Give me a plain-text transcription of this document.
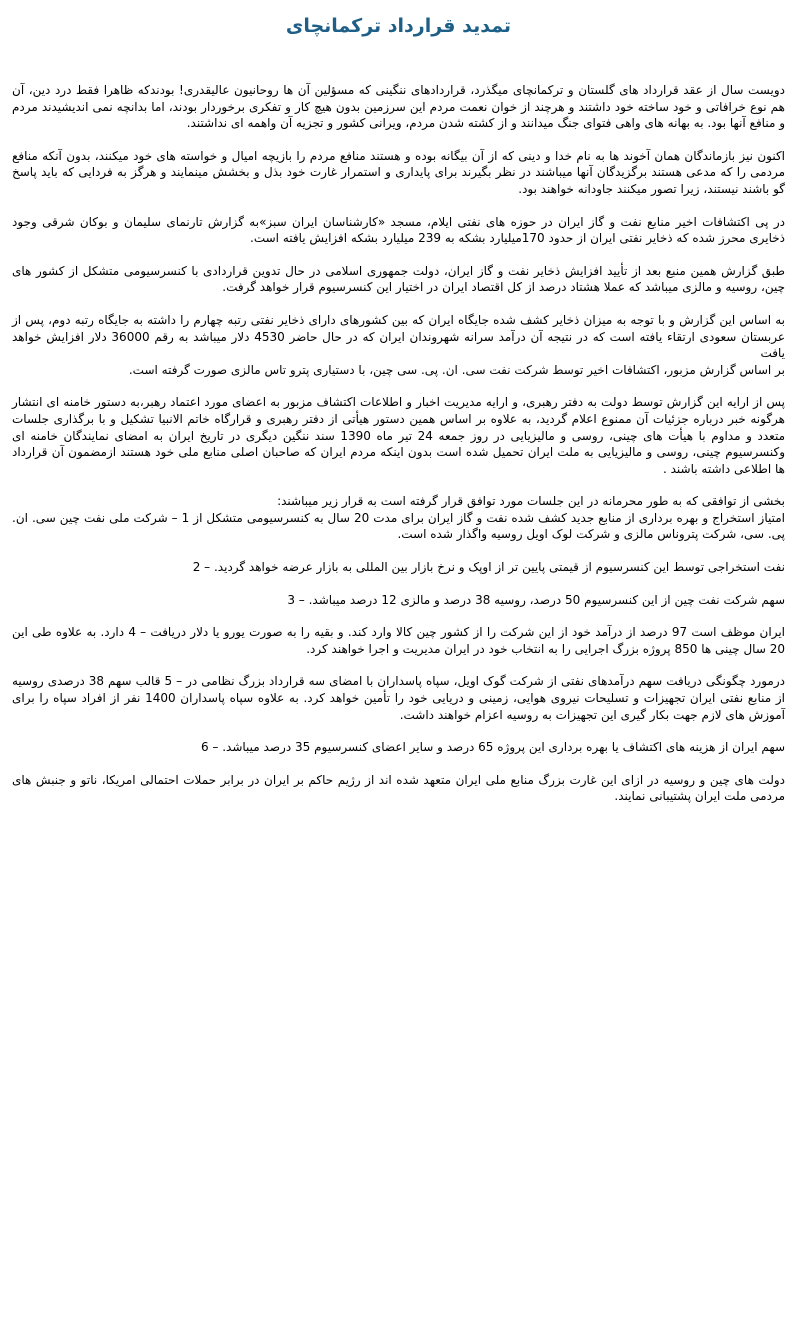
تمدید قرارداد ترکمانچای

دویست سال از عقد قرارداد های گلستان و ترکمانچای میگذرد، قراردادهای ننگینی که مسؤلین آن ها روحانیون عالیقدری! بودندکه ظاهرا فقط درد دین، آن هم نوع خرافاتی و خود ساخته خود داشتند و هرچند از خوان نعمت مردم این سرزمین بدون هیچ کار و تفکری برخوردار بودند، اما بدانچه نمی اندیشیدند مردم و منافع آنها بود. به بهانه های واهی فتوای جنگ میدانند و از کشته شدن مردم، ویرانی کشور و تجزیه آن واهمه ای نداشتند.

اکنون نیز بازماندگان همان آخوند ها به نام خدا و دینی که از آن بیگانه بوده و هستند منافع مردم را بازیچه امیال و خواسته های خود میکنند، بدون آنکه منافع مردمی را که مدعی هستند برگزیدگان آنها میباشند در نظر بگیرند برای پایداری و استمرار غارت خود بذل و بخشش مینمایند و هرگز به فردایی که باید پاسخ گو باشند نیستند، زیرا تصور میکنند جاودانه خواهند بود.

در پی اکتشافات اخیر منابع نفت و گاز ایران در حوزه های نفتی ایلام، مسجد «کارشناسان ایران سبز»به گزارش تارنمای سلیمان و بوکان شرقی وجود ذخایری محرز شده که ذخایر نفتی ایران از حدود 170میلیارد بشکه به 239 میلیارد بشکه افزایش یافته است.

طبق گزارش همین منبع بعد از تأیید افزایش ذخایر نفت و گاز ایران، دولت جمهوری اسلامی در حال تدوین قراردادی با کنسرسیومی متشکل از کشور های چین، روسیه و مالزی میباشد که عملا هشتاد درصد از کل اقتصاد ایران در اختیار این کنسرسیوم قرار خواهد گرفت.

به اساس این گزارش و با توجه به میزان ذخایر کشف شده جایگاه ایران که بین کشورهای دارای ذخایر نفتی رتبه چهارم را داشته به جایگاه رتبه دوم، پس از عربستان سعودی ارتقاء یافته است که در نتیجه آن درآمد سرانه شهروندان ایران که در حال حاضر 4530 دلار میباشد به رقم 36000 دلار افزایش خواهد یافت
بر اساس گزارش مزبور، اکتشافات اخیر توسط شرکت نفت سی. ان. پی. سی چین، با دستیاری پترو تاس مالزی صورت گرفته است.

پس از ارایه این گزارش توسط دولت به دفتر رهبری، و ارایه مدیریت اخبار و اطلاعات اکتشاف مزبور به اعضای مورد اعتماد رهبر،به دستور خامنه ای انتشار هرگونه خبر درباره جزئیات آن ممنوع اعلام گردید، به علاوه بر اساس همین دستور هیأتی از دفتر رهبری و قرارگاه خاتم الانبیا تشکیل و با برگذاری جلسات متعدد و مداوم با هیأت های چینی، روسی و مالیزیایی در روز جمعه 24 تیر ماه 1390 سند ننگین دیگری در تاریخ ایران به امضای نمایندگان خامنه ای وکنسرسیوم چینی، روسی و مالیزیایی به ملت ایران تحمیل شده است بدون اینکه مردم ایران که صاحبان اصلی منابع ملی خود هستند ازمضمون آن قرارداد ها اطلاعی داشته باشند .

بخشی از توافقی که به طور محرمانه در این جلسات مورد توافق قرار گرفته است به قرار زیر میباشند:
امتیاز استخراج و بهره برداری از منابع جدید کشف شده نفت و گاز ایران برای مدت 20 سال به کنسرسیومی متشکل از 1 – شرکت ملی نفت چین سی. ان. پی. سی، شرکت پتروناس مالزی و شرکت لوک اویل روسیه واگذار شده است.

نفت استخراجی توسط این کنسرسیوم از قیمتی پایین تر از اوپک و نرخ بازار بین المللی به بازار عرضه خواهد گردید. – 2

سهم شرکت نفت چین از این کنسرسیوم 50 درصد، روسیه 38 درصد و مالزی 12 درصد میباشد. – 3

ایران موظف است 97 درصد از درآمد خود از این شرکت را از کشور چین کالا وارد کند. و بقیه را به صورت یورو یا دلار دریافت – 4 دارد. به علاوه طی این 20 سال چینی ها 850 پروژه بزرگ اجرایی را به انتخاب خود در ایران مدیریت و اجرا خواهند کرد.

درمورد چگونگی دریافت سهم درآمدهای نفتی از شرکت گوک اویل، سپاه پاسداران با امضای سه قرارداد بزرگ نظامی در – 5 قالب سهم 38 درصدی روسیه از منابع نفتی ایران تجهیزات و تسلیحات نیروی هوایی، زمینی و دریایی خود را تأمین خواهد کرد. به علاوه سپاه پاسداران 1400 نفر از افراد سپاه را برای آموزش های لازم جهت بکار گیری این تجهیزات به روسیه اعزام خواهند داشت.

سهم ایران از هزینه های اکتشاف یا بهره برداری این پروژه 65 درصد و سایر اعضای کنسرسیوم 35 درصد میباشد. – 6

دولت های چین و روسیه در ازای این غارت بزرگ منابع ملی ایران متعهد شده اند از رژیم حاکم بر ایران در برابر حملات احتمالی امریکا، ناتو و جنبش های مردمی ملت ایران پشتیبانی نمایند.
